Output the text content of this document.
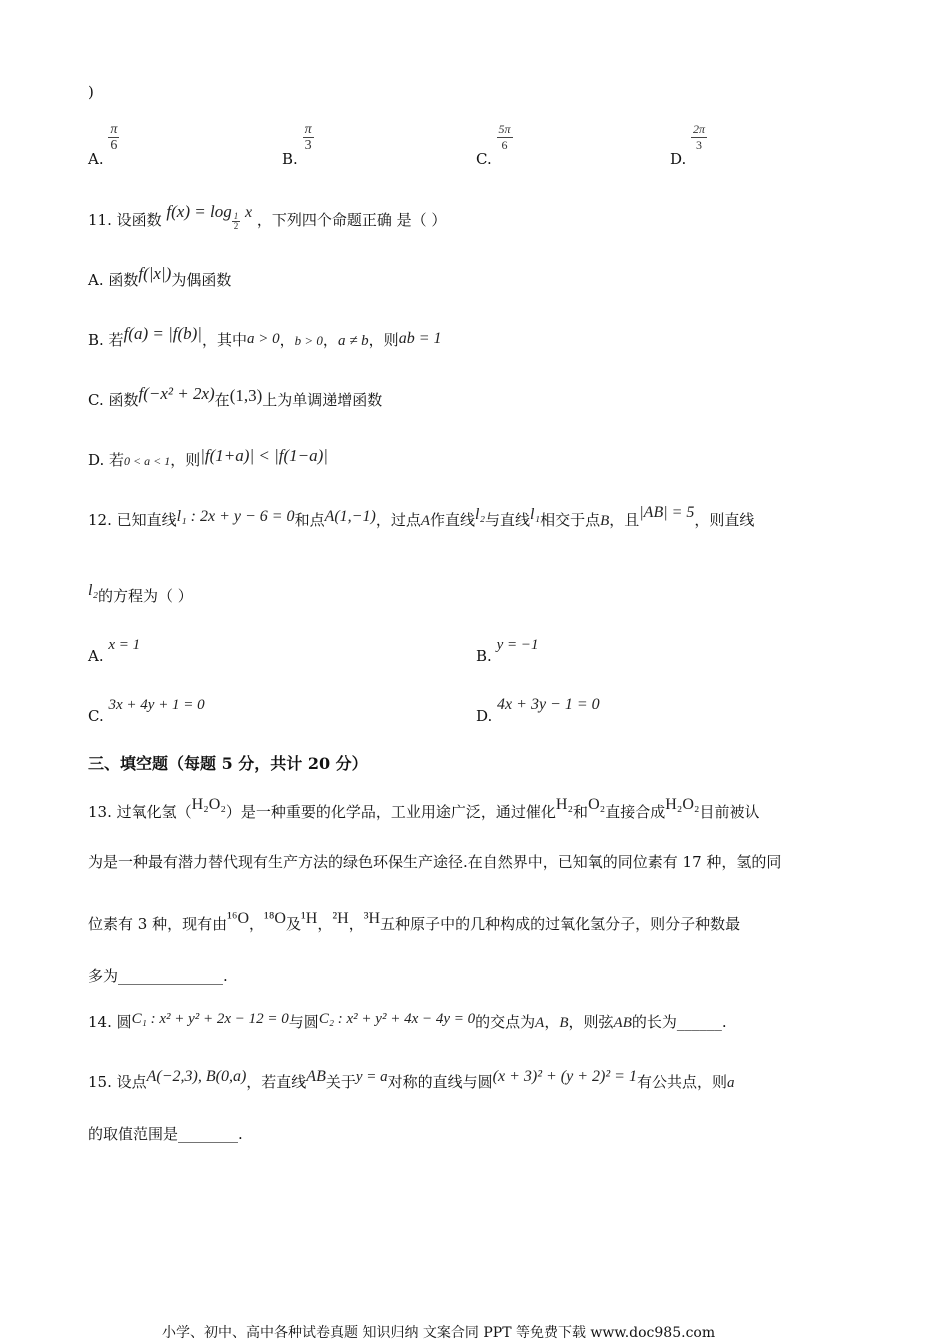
)
A.
$\frac{\pi}{6}$
B.
$\frac{\pi}{3}$
C.
$\frac{5\pi}{6}$
D.
$\frac{2\pi}{3}$
11. 设函数 $f(x) = \log \frac{1}{2}$ x ，下列四个命题正确 是（ ）
A. 函数f(|x|)为偶函数
B. 若f(a) = |f(b)|，其中a > 0，b > 0，a ≠ b，则ab = 1
C. 函数f(−x² + 2x)在(1,3)上为单调递增函数
D. 若0 < a < 1，则|f(1+a)| < |f(1−a)|
12. 已知直线l₁ : 2x + y − 6 = 0和点A(1,−1)，过点A作直线l₂与直线l₁相交于点B，且|AB| = 5，则直线
l₂的方程为（ ）
A. x = 1
B. y = −1
C. 3x + 4y + 1 = 0
D. 4x + 3y − 1 = 0
三、填空题（每题 5 分，共计 20 分）
13. 过氧化氢（H₂O₂）是一种重要的化学品，工业用途广泛，通过催化H₂和O₂直接合成H₂O₂目前被认
为是一种最有潜力替代现有生产方法的绿色环保生产途径.在自然界中，已知氧的同位素有 17 种，氢的同
位素有 3 种，现有由¹⁶O，¹⁸O及¹H，²H，³H五种原子中的几种构成的过氧化氢分子，则分子种数最
多为______________.
14. 圆C₁ : x² + y² + 2x − 12 = 0与圆C₂ : x² + y² + 4x − 4y = 0的交点为A，B，则弦AB的长为______.
15. 设点A(−2,3), B(0,a)，若直线AB关于y = a对称的直线与圆(x + 3)² + (y + 2)² = 1有公共点，则a
的取值范围是________.
小学、初中、高中各种试卷真题 知识归纳 文案合同 PPT 等免费下载 www.doc985.com
